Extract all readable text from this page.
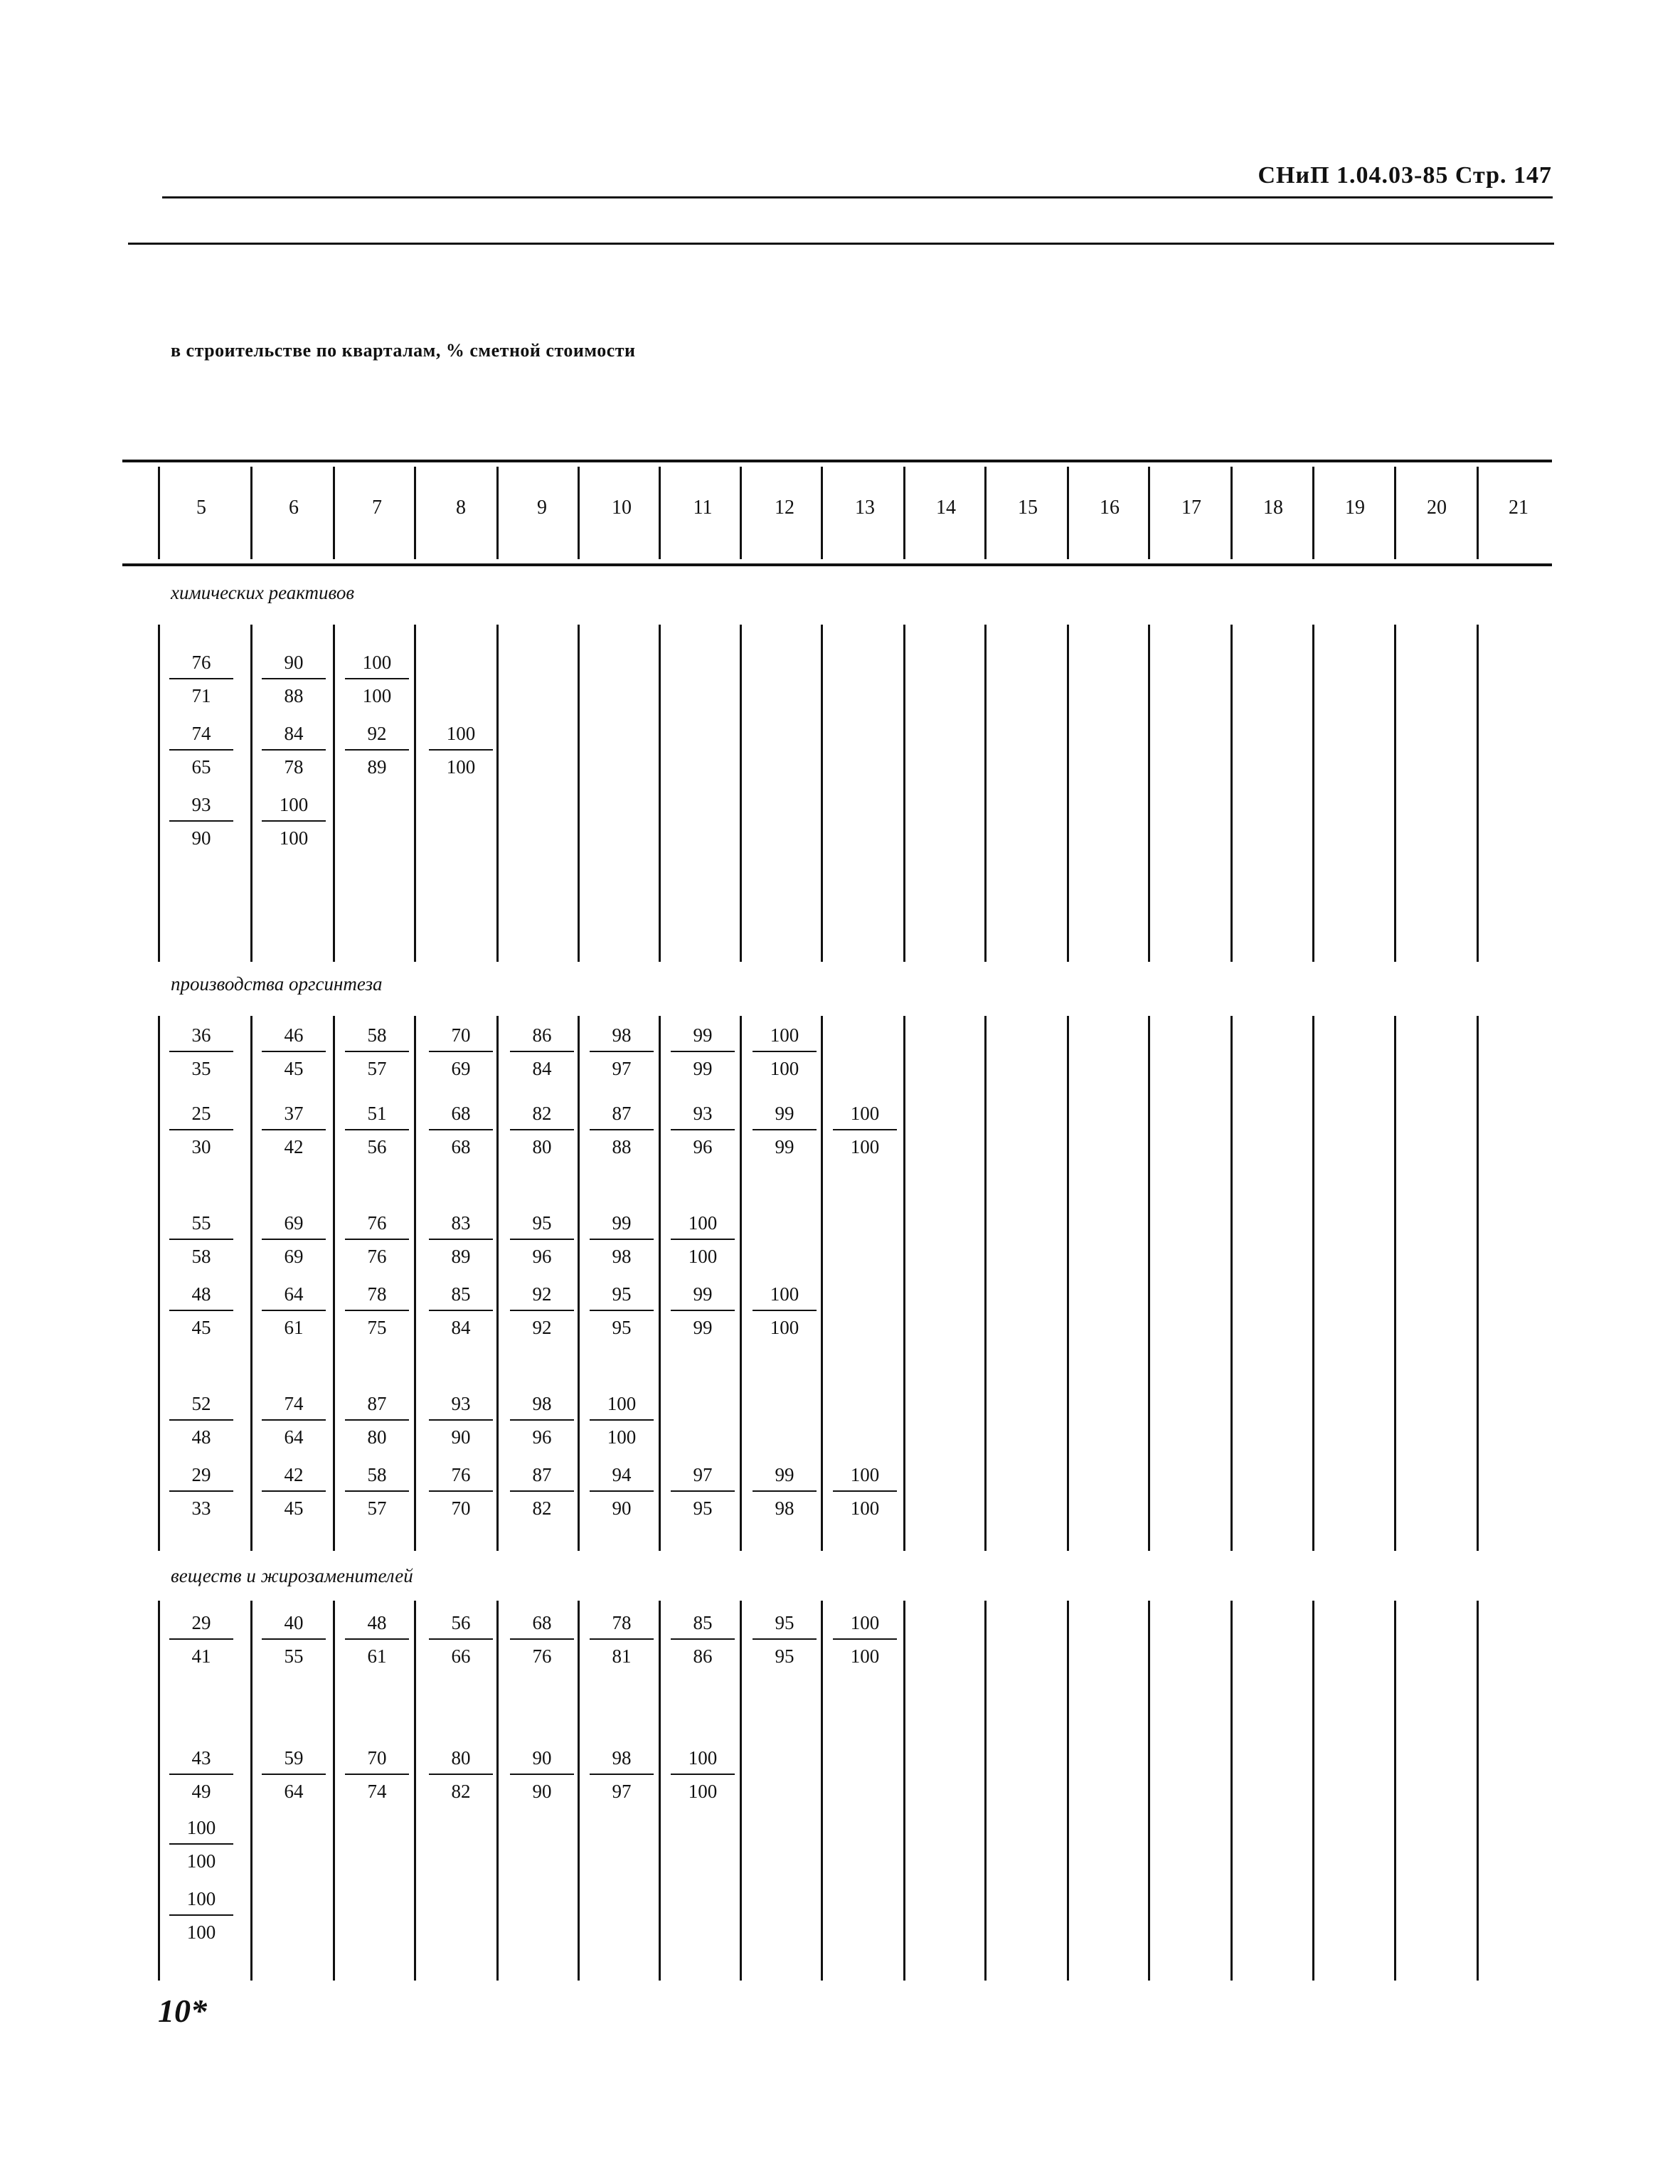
СНиП 1.04.03-85 Стр. 147
в строительстве по кварталам, % сметной стоимости
5	6	7	8	9	10	11	12	13	14	15	16	17	18	19	20	21
химических реактивов
$\frac{76}{71} \frac{90}{88} \frac{100}{100}$
$\frac{74}{65} \frac{84}{78} \frac{92}{89} \frac{100}{100}$
$\frac{93}{90} \frac{100}{100}$
производства оргсинтеза
$\frac{36}{35} \frac{46}{45} \frac{58}{57} \frac{70}{69} \frac{86}{84} \frac{98}{97} \frac{99}{99} \frac{100}{100}$
$\frac{25}{30} \frac{37}{42} \frac{51}{56} \frac{68}{68} \frac{82}{80} \frac{87}{88} \frac{93}{96} \frac{99}{99} \frac{100}{100}$
$\frac{55}{58} \frac{69}{69} \frac{76}{76} \frac{83}{89} \frac{95}{96} \frac{99}{98} \frac{100}{100}$
$\frac{48}{45} \frac{64}{61} \frac{78}{75} \frac{85}{84} \frac{92}{92} \frac{95}{95} \frac{99}{99} \frac{100}{100}$
$\frac{52}{48} \frac{74}{64} \frac{87}{80} \frac{93}{90} \frac{98}{96} \frac{100}{100}$
$\frac{29}{33} \frac{42}{45} \frac{58}{57} \frac{76}{70} \frac{87}{82} \frac{94}{90} \frac{97}{95} \frac{99}{98} \frac{100}{100}$
веществ и жирозаменителей
$\frac{29}{41} \frac{40}{55} \frac{48}{61} \frac{56}{66} \frac{68}{76} \frac{78}{81} \frac{85}{86} \frac{95}{95} \frac{100}{100}$
$\frac{43}{49} \frac{59}{64} \frac{70}{74} \frac{80}{82} \frac{90}{90} \frac{98}{97} \frac{100}{100}$
$\frac{100}{100}$
$\frac{100}{100}$
10*
